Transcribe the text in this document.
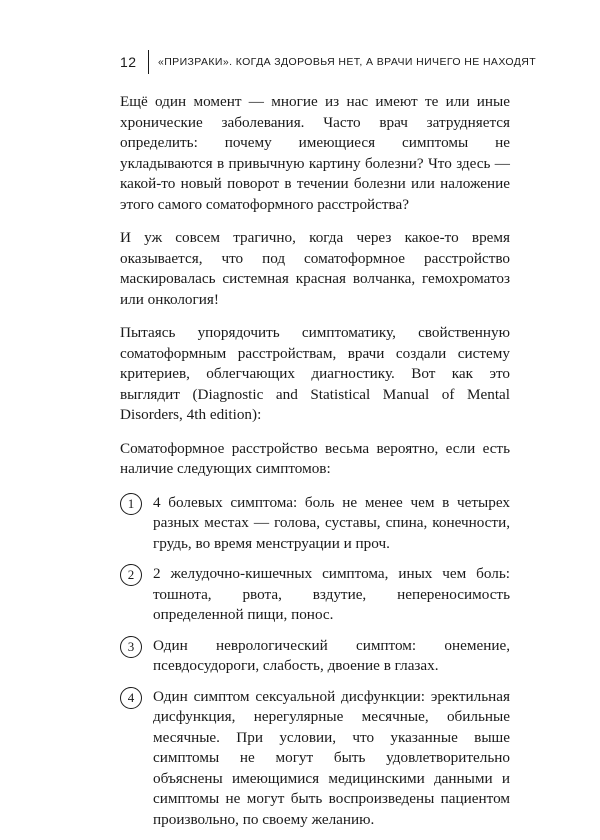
12 «ПРИЗРАКИ». КОГДА ЗДОРОВЬЯ НЕТ, А ВРАЧИ НИЧЕГО НЕ НАХОДЯТ

Ещё один момент — многие из нас имеют те или иные хронические заболевания. Часто врач затрудняется определить: почему имеющиеся симптомы не укладываются в привычную картину болезни? Что здесь — какой-то новый поворот в течении болезни или наложение этого самого соматоформного расстройства?

И уж совсем трагично, когда через какое-то время оказывается, что под соматоформное расстройство маскировалась системная красная волчанка, гемохроматоз или онкология!

Пытаясь упорядочить симптоматику, свойственную соматоформным расстройствам, врачи создали систему критериев, облегчающих диагностику. Вот как это выглядит (Diagnostic and Statistical Manual of Mental Disorders, 4th edition):

Соматоформное расстройство весьма вероятно, если есть наличие следующих симптомов:

1	4 болевых симптома: боль не менее чем в четырех разных местах — голова, суставы, спина, конечности, грудь, во время менструации и проч.
2	2 желудочно-кишечных симптома, иных чем боль: тошнота, рвота, вздутие, непереносимость определенной пищи, понос.
3	Один неврологический симптом: онемение, псевдосудороги, слабость, двоение в глазах.
4	Один симптом сексуальной дисфункции: эректильная дисфункция, нерегулярные месячные, обильные месячные. При условии, что указанные выше симптомы не могут быть удовлетворительно объяснены имеющимися медицинскими данными и симптомы не могут быть воспроизведены пациентом произвольно, по своему желанию.
